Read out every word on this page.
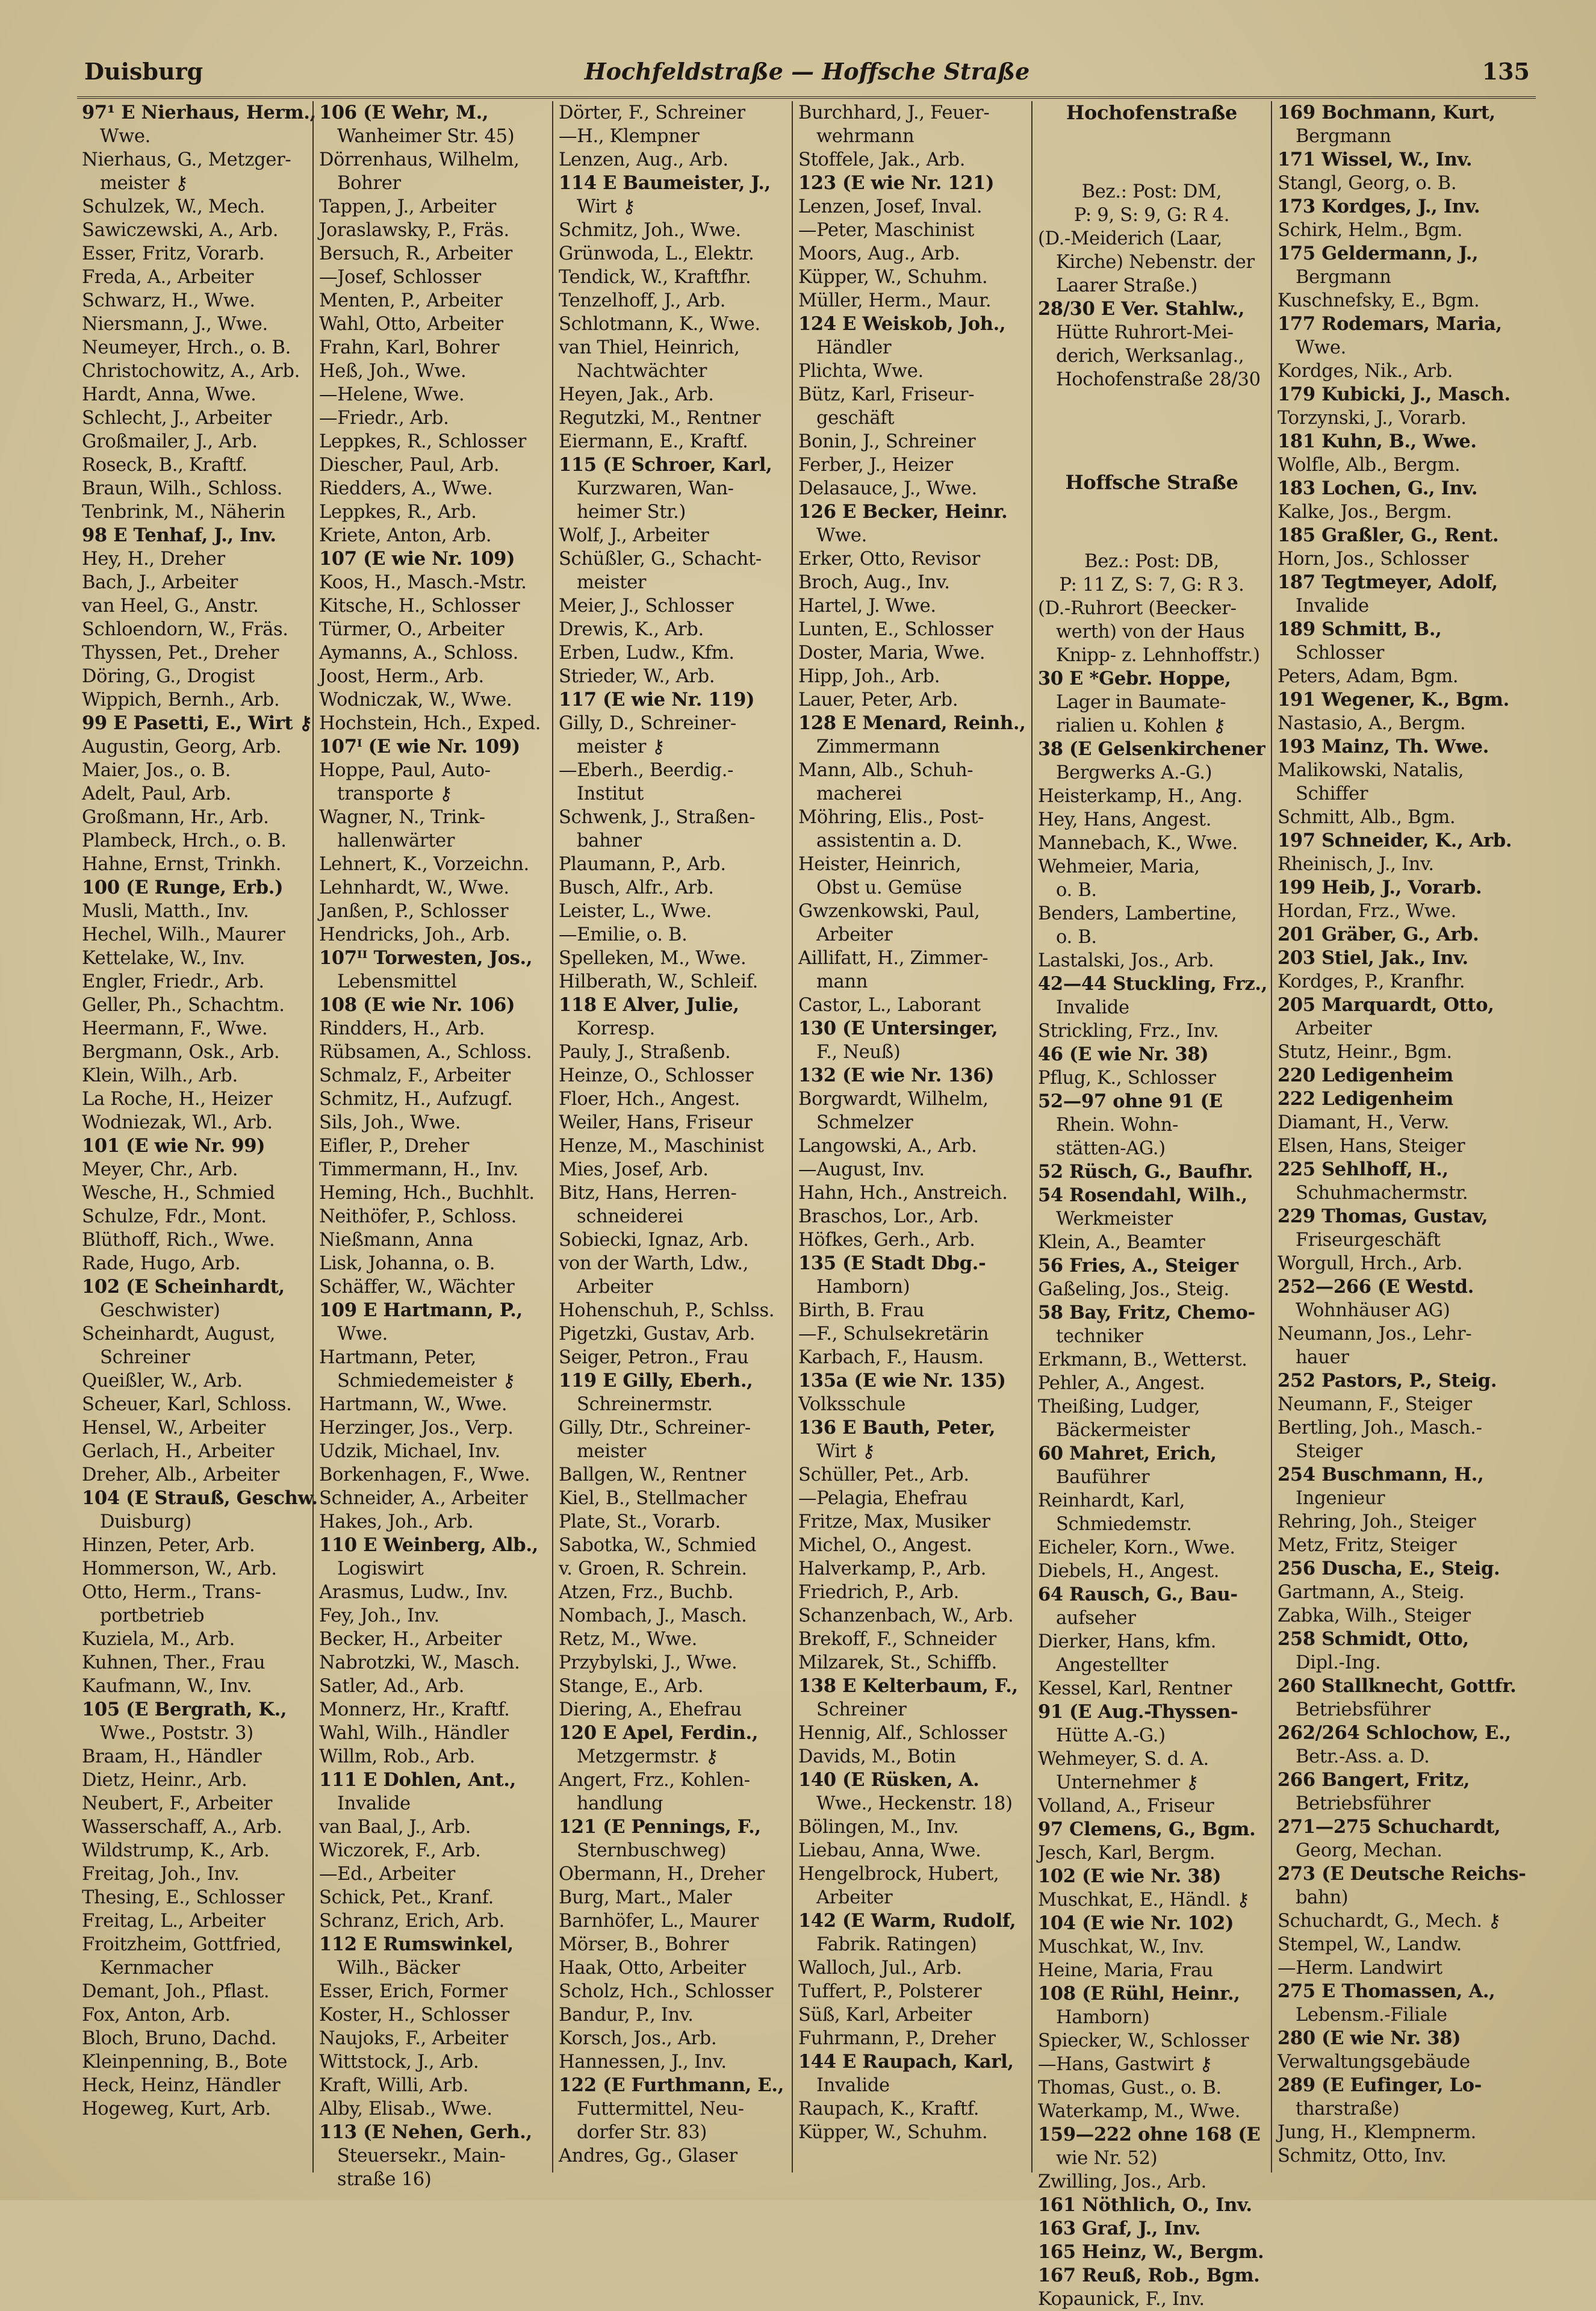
Duisburg	Hochfeldstraße — Hoffsche Straße	135

97¹ E Nierhaus, Herm.,

Wwe.

Nierhaus, G., Metzger-

meister ⚷

Schulzek, W., Mech.

Sawiczewski, A., Arb.

Esser, Fritz, Vorarb.

Freda, A., Arbeiter

Schwarz, H., Wwe.

Niersmann, J., Wwe.

Neumeyer, Hrch., o. B.

Christochowitz, A., Arb.

Hardt, Anna, Wwe.

Schlecht, J., Arbeiter

Großmailer, J., Arb.

Roseck, B., Kraftf.

Braun, Wilh., Schloss.

Tenbrink, M., Näherin

98 E Tenhaf, J., Inv.

Hey, H., Dreher

Bach, J., Arbeiter

van Heel, G., Anstr.

Schloendorn, W., Fräs.

Thyssen, Pet., Dreher

Döring, G., Drogist

Wippich, Bernh., Arb.

99 E Pasetti, E., Wirt ⚷

Augustin, Georg, Arb.

Maier, Jos., o. B.

Adelt, Paul, Arb.

Großmann, Hr., Arb.

Plambeck, Hrch., o. B.

Hahne, Ernst, Trinkh.

100 (E Runge, Erb.)

Musli, Matth., Inv.

Hechel, Wilh., Maurer

Kettelake, W., Inv.

Engler, Friedr., Arb.

Geller, Ph., Schachtm.

Heermann, F., Wwe.

Bergmann, Osk., Arb.

Klein, Wilh., Arb.

La Roche, H., Heizer

Wodniezak, Wl., Arb.

101 (E wie Nr. 99)

Meyer, Chr., Arb.

Wesche, H., Schmied

Schulze, Fdr., Mont.

Blüthoff, Rich., Wwe.

Rade, Hugo, Arb.

102 (E Scheinhardt,

Geschwister)

Scheinhardt, August,

Schreiner

Queißler, W., Arb.

Scheuer, Karl, Schloss.

Hensel, W., Arbeiter

Gerlach, H., Arbeiter

Dreher, Alb., Arbeiter

104 (E Strauß, Geschw.

Duisburg)

Hinzen, Peter, Arb.

Hommerson, W., Arb.

Otto, Herm., Trans-

portbetrieb

Kuziela, M., Arb.

Kuhnen, Ther., Frau

Kaufmann, W., Inv.

105 (E Bergrath, K.,

Wwe., Poststr. 3)

Braam, H., Händler

Dietz, Heinr., Arb.

Neubert, F., Arbeiter

Wasserschaff, A., Arb.

Wildstrump, K., Arb.

Freitag, Joh., Inv.

Thesing, E., Schlosser

Freitag, L., Arbeiter

Froitzheim, Gottfried,

Kernmacher

Demant, Joh., Pflast.

Fox, Anton, Arb.

Bloch, Bruno, Dachd.

Kleinpenning, B., Bote

Heck, Heinz, Händler

Hogeweg, Kurt, Arb.

106 (E Wehr, M.,

Wanheimer Str. 45)

Dörrenhaus, Wilhelm,

Bohrer

Tappen, J., Arbeiter

Joraslawsky, P., Fräs.

Bersuch, R., Arbeiter

—Josef, Schlosser

Menten, P., Arbeiter

Wahl, Otto, Arbeiter

Frahn, Karl, Bohrer

Heß, Joh., Wwe.

—Helene, Wwe.

—Friedr., Arb.

Leppkes, R., Schlosser

Diescher, Paul, Arb.

Riedders, A., Wwe.

Leppkes, R., Arb.

Kriete, Anton, Arb.

107 (E wie Nr. 109)

Koos, H., Masch.-Mstr.

Kitsche, H., Schlosser

Türmer, O., Arbeiter

Aymanns, A., Schloss.

Joost, Herm., Arb.

Wodniczak, W., Wwe.

Hochstein, Hch., Exped.

107ᴵ (E wie Nr. 109)

Hoppe, Paul, Auto-

transporte ⚷

Wagner, N., Trink-

hallenwärter

Lehnert, K., Vorzeichn.

Lehnhardt, W., Wwe.

Janßen, P., Schlosser

Hendricks, Joh., Arb.

107ᴵᴵ Torwesten, Jos.,

Lebensmittel

108 (E wie Nr. 106)

Rindders, H., Arb.

Rübsamen, A., Schloss.

Schmalz, F., Arbeiter

Schmitz, H., Aufzugf.

Sils, Joh., Wwe.

Eifler, P., Dreher

Timmermann, H., Inv.

Heming, Hch., Buchhlt.

Neithöfer, P., Schloss.

Nießmann, Anna

Lisk, Johanna, o. B.

Schäffer, W., Wächter

109 E Hartmann, P.,

Wwe.

Hartmann, Peter,

Schmiedemeister ⚷

Hartmann, W., Wwe.

Herzinger, Jos., Verp.

Udzik, Michael, Inv.

Borkenhagen, F., Wwe.

Schneider, A., Arbeiter

Hakes, Joh., Arb.

110 E Weinberg, Alb.,

Logiswirt

Arasmus, Ludw., Inv.

Fey, Joh., Inv.

Becker, H., Arbeiter

Nabrotzki, W., Masch.

Satler, Ad., Arb.

Monnerz, Hr., Kraftf.

Wahl, Wilh., Händler

Willm, Rob., Arb.

111 E Dohlen, Ant.,

Invalide

van Baal, J., Arb.

Wiczorek, F., Arb.

—Ed., Arbeiter

Schick, Pet., Kranf.

Schranz, Erich, Arb.

112 E Rumswinkel,

Wilh., Bäcker

Esser, Erich, Former

Koster, H., Schlosser

Naujoks, F., Arbeiter

Wittstock, J., Arb.

Kraft, Willi, Arb.

Alby, Elisab., Wwe.

113 (E Nehen, Gerh.,

Steuersekr., Main-

straße 16)

Dörter, F., Schreiner

—H., Klempner

Lenzen, Aug., Arb.

114 E Baumeister, J.,

Wirt ⚷

Schmitz, Joh., Wwe.

Grünwoda, L., Elektr.

Tendick, W., Kraftfhr.

Tenzelhoff, J., Arb.

Schlotmann, K., Wwe.

van Thiel, Heinrich,

Nachtwächter

Heyen, Jak., Arb.

Regutzki, M., Rentner

Eiermann, E., Kraftf.

115 (E Schroer, Karl,

Kurzwaren, Wan-

heimer Str.)

Wolf, J., Arbeiter

Schüßler, G., Schacht-

meister

Meier, J., Schlosser

Drewis, K., Arb.

Erben, Ludw., Kfm.

Strieder, W., Arb.

117 (E wie Nr. 119)

Gilly, D., Schreiner-

meister ⚷

—Eberh., Beerdig.-

Institut

Schwenk, J., Straßen-

bahner

Plaumann, P., Arb.

Busch, Alfr., Arb.

Leister, L., Wwe.

—Emilie, o. B.

Spelleken, M., Wwe.

Hilberath, W., Schleif.

118 E Alver, Julie,

Korresp.

Pauly, J., Straßenb.

Heinze, O., Schlosser

Floer, Hch., Angest.

Weiler, Hans, Friseur

Henze, M., Maschinist

Mies, Josef, Arb.

Bitz, Hans, Herren-

schneiderei

Sobiecki, Ignaz, Arb.

von der Warth, Ldw.,

Arbeiter

Hohenschuh, P., Schlss.

Pigetzki, Gustav, Arb.

Seiger, Petron., Frau

119 E Gilly, Eberh.,

Schreinermstr.

Gilly, Dtr., Schreiner-

meister

Ballgen, W., Rentner

Kiel, B., Stellmacher

Plate, St., Vorarb.

Sabotka, W., Schmied

v. Groen, R. Schrein.

Atzen, Frz., Buchb.

Nombach, J., Masch.

Retz, M., Wwe.

Przybylski, J., Wwe.

Stange, E., Arb.

Diering, A., Ehefrau

120 E Apel, Ferdin.,

Metzgermstr. ⚷

Angert, Frz., Kohlen-

handlung

121 (E Pennings, F.,

Sternbuschweg)

Obermann, H., Dreher

Burg, Mart., Maler

Barnhöfer, L., Maurer

Mörser, B., Bohrer

Haak, Otto, Arbeiter

Scholz, Hch., Schlosser

Bandur, P., Inv.

Korsch, Jos., Arb.

Hannessen, J., Inv.

122 (E Furthmann, E.,

Futtermittel, Neu-

dorfer Str. 83)

Andres, Gg., Glaser

Burchhard, J., Feuer-

wehrmann

Stoffele, Jak., Arb.

123 (E wie Nr. 121)

Lenzen, Josef, Inval.

—Peter, Maschinist

Moors, Aug., Arb.

Küpper, W., Schuhm.

Müller, Herm., Maur.

124 E Weiskob, Joh.,

Händler

Plichta, Wwe.

Bütz, Karl, Friseur-

geschäft

Bonin, J., Schreiner

Ferber, J., Heizer

Delasauce, J., Wwe.

126 E Becker, Heinr.

Wwe.

Erker, Otto, Revisor

Broch, Aug., Inv.

Hartel, J. Wwe.

Lunten, E., Schlosser

Doster, Maria, Wwe.

Hipp, Joh., Arb.

Lauer, Peter, Arb.

128 E Menard, Reinh.,

Zimmermann

Mann, Alb., Schuh-

macherei

Möhring, Elis., Post-

assistentin a. D.

Heister, Heinrich,

Obst u. Gemüse

Gwzenkowski, Paul,

Arbeiter

Aillifatt, H., Zimmer-

mann

Castor, L., Laborant

130 (E Untersinger,

F., Neuß)

132 (E wie Nr. 136)

Borgwardt, Wilhelm,

Schmelzer

Langowski, A., Arb.

—August, Inv.

Hahn, Hch., Anstreich.

Braschos, Lor., Arb.

Höfkes, Gerh., Arb.

135 (E Stadt Dbg.-

Hamborn)

Birth, B. Frau

—F., Schulsekretärin

Karbach, F., Hausm.

135a (E wie Nr. 135)

Volksschule

136 E Bauth, Peter,

Wirt ⚷

Schüller, Pet., Arb.

—Pelagia, Ehefrau

Fritze, Max, Musiker

Michel, O., Angest.

Halverkamp, P., Arb.

Friedrich, P., Arb.

Schanzenbach, W., Arb.

Brekoff, F., Schneider

Milzarek, St., Schiffb.

138 E Kelterbaum, F.,

Schreiner

Hennig, Alf., Schlosser

Davids, M., Botin

140 (E Rüsken, A.

Wwe., Heckenstr. 18)

Bölingen, M., Inv.

Liebau, Anna, Wwe.

Hengelbrock, Hubert,

Arbeiter

142 (E Warm, Rudolf,

Fabrik. Ratingen)

Walloch, Jul., Arb.

Tuffert, P., Polsterer

Süß, Karl, Arbeiter

Fuhrmann, P., Dreher

144 E Raupach, Karl,

Invalide

Raupach, K., Kraftf.

Küpper, W., Schuhm.

Hochofenstraße

Bez.: Post: DM,

P: 9, S: 9, G: R 4.

(D.-Meiderich (Laar,

Kirche) Nebenstr. der

Laarer Straße.)

28/30 E Ver. Stahlw.,

Hütte Ruhrort-Mei-

derich, Werksanlag.,

Hochofenstraße 28/30

Hoffsche Straße

Bez.: Post: DB,

P: 11 Z, S: 7, G: R 3.

(D.-Ruhrort (Beecker-

werth) von der Haus

Knipp- z. Lehnhoffstr.)

30 E *Gebr. Hoppe,

Lager in Baumate-

rialien u. Kohlen ⚷

38 (E Gelsenkirchener

Bergwerks A.-G.)

Heisterkamp, H., Ang.

Hey, Hans, Angest.

Mannebach, K., Wwe.

Wehmeier, Maria,

o. B.

Benders, Lambertine,

o. B.

Lastalski, Jos., Arb.

42—44 Stuckling, Frz.,

Invalide

Strickling, Frz., Inv.

46 (E wie Nr. 38)

Pflug, K., Schlosser

52—97 ohne 91 (E

Rhein. Wohn-

stätten-AG.)

52 Rüsch, G., Baufhr.

54 Rosendahl, Wilh.,

Werkmeister

Klein, A., Beamter

56 Fries, A., Steiger

Gaßeling, Jos., Steig.

58 Bay, Fritz, Chemo-

techniker

Erkmann, B., Wetterst.

Pehler, A., Angest.

Theißing, Ludger,

Bäckermeister

60 Mahret, Erich,

Bauführer

Reinhardt, Karl,

Schmiedemstr.

Eicheler, Korn., Wwe.

Diebels, H., Angest.

64 Rausch, G., Bau-

aufseher

Dierker, Hans, kfm.

Angestellter

Kessel, Karl, Rentner

91 (E Aug.-Thyssen-

Hütte A.-G.)

Wehmeyer, S. d. A.

Unternehmer ⚷

Volland, A., Friseur

97 Clemens, G., Bgm.

Jesch, Karl, Bergm.

102 (E wie Nr. 38)

Muschkat, E., Händl. ⚷

104 (E wie Nr. 102)

Muschkat, W., Inv.

Heine, Maria, Frau

108 (E Rühl, Heinr.,

Hamborn)

Spiecker, W., Schlosser

—Hans, Gastwirt ⚷

Thomas, Gust., o. B.

Waterkamp, M., Wwe.

159—222 ohne 168 (E

wie Nr. 52)

Zwilling, Jos., Arb.

161 Nöthlich, O., Inv.

163 Graf, J., Inv.

165 Heinz, W., Bergm.

167 Reuß, Rob., Bgm.

Kopaunick, F., Inv.

169 Bochmann, Kurt,

Bergmann

171 Wissel, W., Inv.

Stangl, Georg, o. B.

173 Kordges, J., Inv.

Schirk, Helm., Bgm.

175 Geldermann, J.,

Bergmann

Kuschnefsky, E., Bgm.

177 Rodemars, Maria,

Wwe.

Kordges, Nik., Arb.

179 Kubicki, J., Masch.

Torzynski, J., Vorarb.

181 Kuhn, B., Wwe.

Wolfle, Alb., Bergm.

183 Lochen, G., Inv.

Kalke, Jos., Bergm.

185 Graßler, G., Rent.

Horn, Jos., Schlosser

187 Tegtmeyer, Adolf,

Invalide

189 Schmitt, B.,

Schlosser

Peters, Adam, Bgm.

191 Wegener, K., Bgm.

Nastasio, A., Bergm.

193 Mainz, Th. Wwe.

Malikowski, Natalis,

Schiffer

Schmitt, Alb., Bgm.

197 Schneider, K., Arb.

Rheinisch, J., Inv.

199 Heib, J., Vorarb.

Hordan, Frz., Wwe.

201 Gräber, G., Arb.

203 Stiel, Jak., Inv.

Kordges, P., Kranfhr.

205 Marquardt, Otto,

Arbeiter

Stutz, Heinr., Bgm.

220 Ledigenheim

222 Ledigenheim

Diamant, H., Verw.

Elsen, Hans, Steiger

225 Sehlhoff, H.,

Schuhmachermstr.

229 Thomas, Gustav,

Friseurgeschäft

Worgull, Hrch., Arb.

252—266 (E Westd.

Wohnhäuser AG)

Neumann, Jos., Lehr-

hauer

252 Pastors, P., Steig.

Neumann, F., Steiger

Bertling, Joh., Masch.-

Steiger

254 Buschmann, H.,

Ingenieur

Rehring, Joh., Steiger

Metz, Fritz, Steiger

256 Duscha, E., Steig.

Gartmann, A., Steig.

Zabka, Wilh., Steiger

258 Schmidt, Otto,

Dipl.-Ing.

260 Stallknecht, Gottfr.

Betriebsführer

262/264 Schlochow, E.,

Betr.-Ass. a. D.

266 Bangert, Fritz,

Betriebsführer

271—275 Schuchardt,

Georg, Mechan.

273 (E Deutsche Reichs-

bahn)

Schuchardt, G., Mech. ⚷

Stempel, W., Landw.

—Herm. Landwirt

275 E Thomassen, A.,

Lebensm.-Filiale

280 (E wie Nr. 38)

Verwaltungsgebäude

289 (E Eufinger, Lo-

tharstraße)

Jung, H., Klempnerm.

Schmitz, Otto, Inv.
